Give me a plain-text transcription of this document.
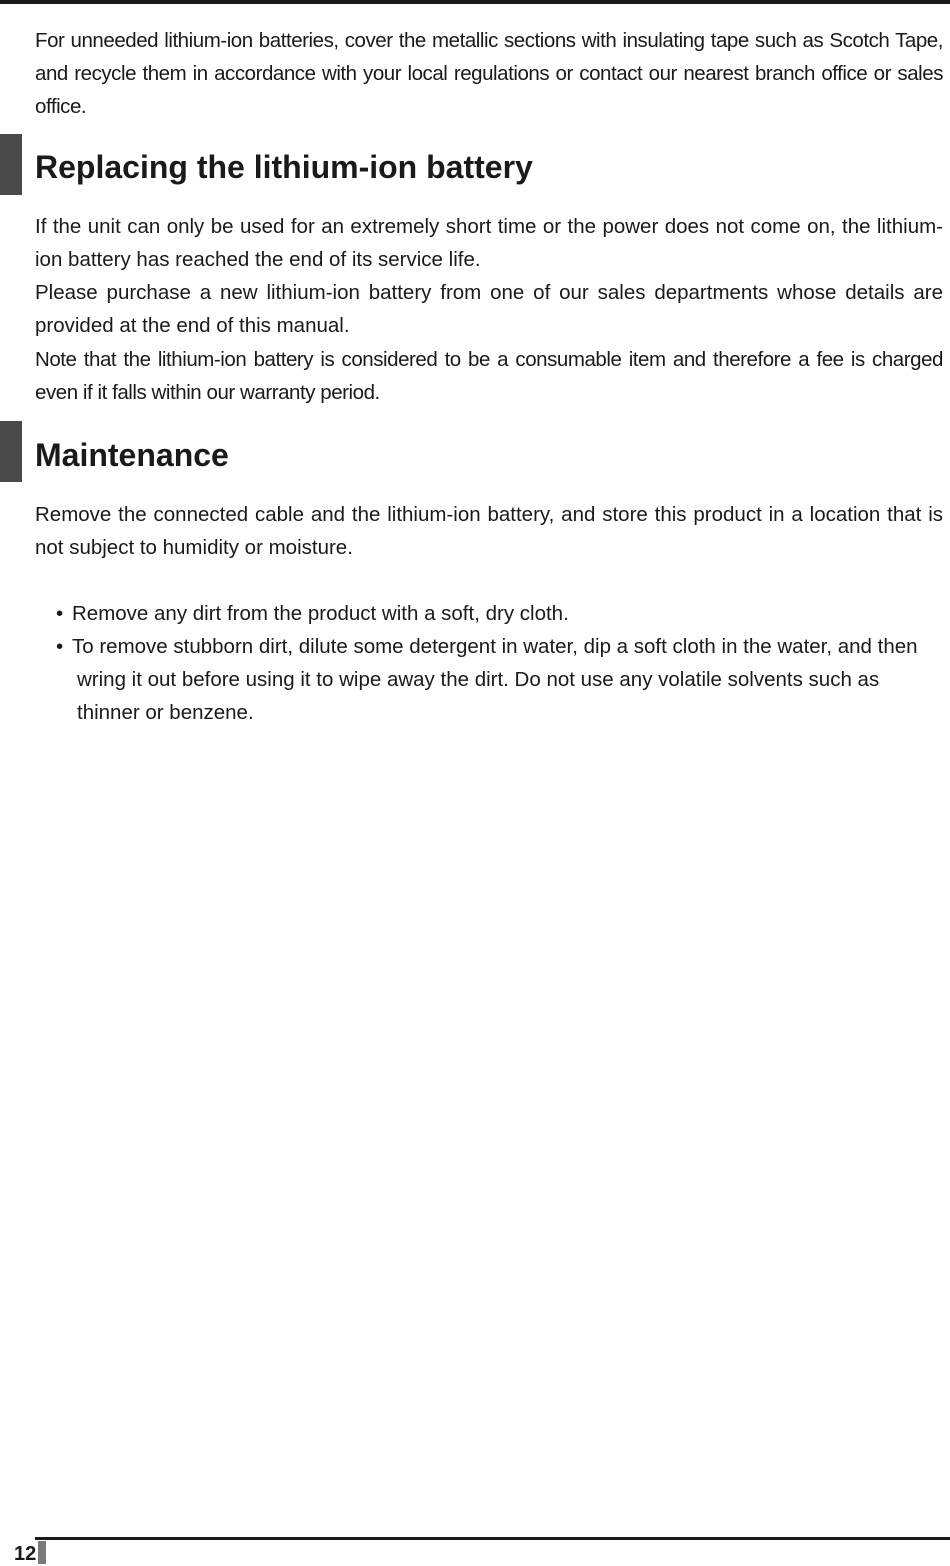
For unneeded lithium-ion batteries, cover the metallic sections with insulating tape such as Scotch Tape, and recycle them in accordance with your local regulations or contact our nearest branch office or sales office.

Replacing the lithium-ion battery

If the unit can only be used for an extremely short time or the power does not come on, the lithium-ion battery has reached the end of its service life.

Please purchase a new lithium-ion battery from one of our sales departments whose details are provided at the end of this manual.

Note that the lithium-ion battery is considered to be a consumable item and therefore a fee is charged even if it falls within our warranty period.

Maintenance

Remove the connected cable and the lithium-ion battery, and store this product in a location that is not subject to humidity or moisture.

• Remove any dirt from the product with a soft, dry cloth.
• To remove stubborn dirt, dilute some detergent in water, dip a soft cloth in the water, and then wring it out before using it to wipe away the dirt. Do not use any volatile solvents such as thinner or benzene.
12
